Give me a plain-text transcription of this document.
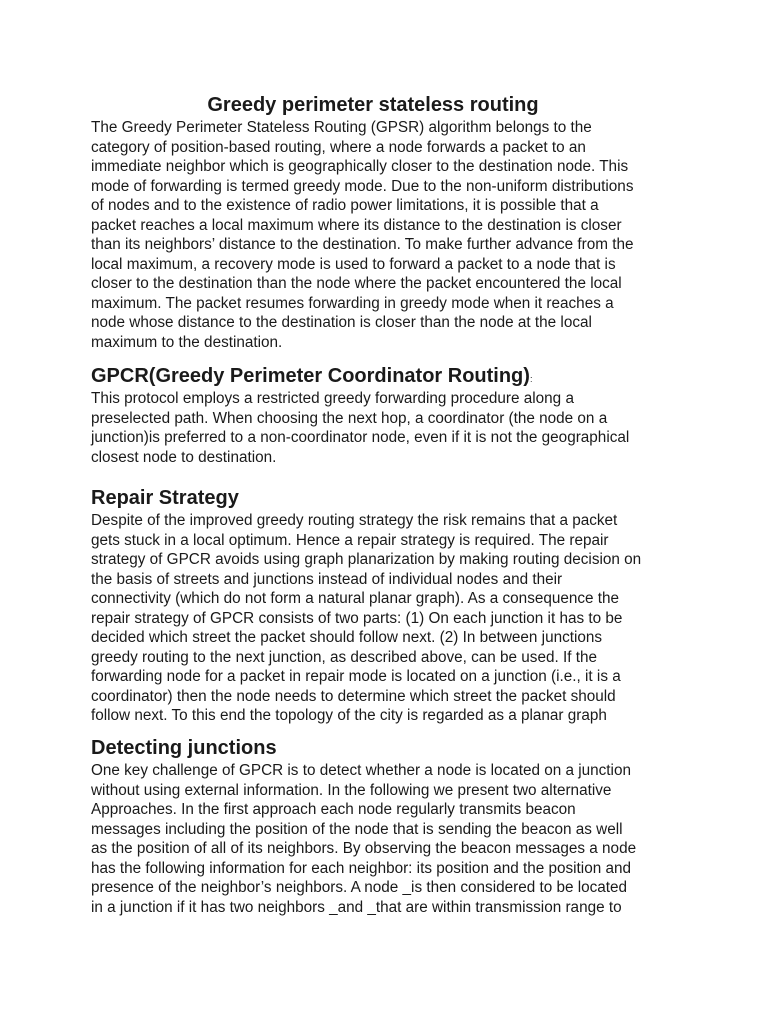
Greedy perimeter stateless routing

The Greedy Perimeter Stateless Routing (GPSR) algorithm belongs to the
category of position-based routing, where a node forwards a packet to an
immediate neighbor which is geographically closer to the destination node. This
mode of forwarding is termed greedy mode. Due to the non-uniform distributions
of nodes and to the existence of radio power limitations, it is possible that a
packet reaches a local maximum where its distance to the destination is closer
than its neighbors’ distance to the destination. To make further advance from the
local maximum, a recovery mode is used to forward a packet to a node that is
closer to the destination than the node where the packet encountered the local
maximum. The packet resumes forwarding in greedy mode when it reaches a
node whose distance to the destination is closer than the node at the local
maximum to the destination.

GPCR(Greedy Perimeter Coordinator Routing):

This protocol employs a restricted greedy forwarding procedure along a
preselected path. When choosing the next hop, a coordinator (the node on a
junction)is preferred to a non-coordinator node, even if it is not the geographical
closest node to destination.

Repair Strategy

Despite of the improved greedy routing strategy the risk remains that a packet
gets stuck in a local optimum. Hence a repair strategy is required. The repair
strategy of GPCR avoids using graph planarization by making routing decision on
the basis of streets and junctions instead of individual nodes and their
connectivity (which do not form a natural planar graph). As a consequence the
repair strategy of GPCR consists of two parts: (1) On each junction it has to be
decided which street the packet should follow next. (2) In between junctions
greedy routing to the next junction, as described above, can be used. If the
forwarding node for a packet in repair mode is located on a junction (i.e., it is a
coordinator) then the node needs to determine which street the packet should
follow next. To this end the topology of the city is regarded as a planar graph

Detecting junctions

One key challenge of GPCR is to detect whether a node is located on a junction
without using external information. In the following we present two alternative
Approaches. In the first approach each node regularly transmits beacon
messages including the position of the node that is sending the beacon as well
as the position of all of its neighbors. By observing the beacon messages a node
has the following information for each neighbor: its position and the position and
presence of the neighbor’s neighbors. A node _is then considered to be located
in a junction if it has two neighbors _and _that are within transmission range to
